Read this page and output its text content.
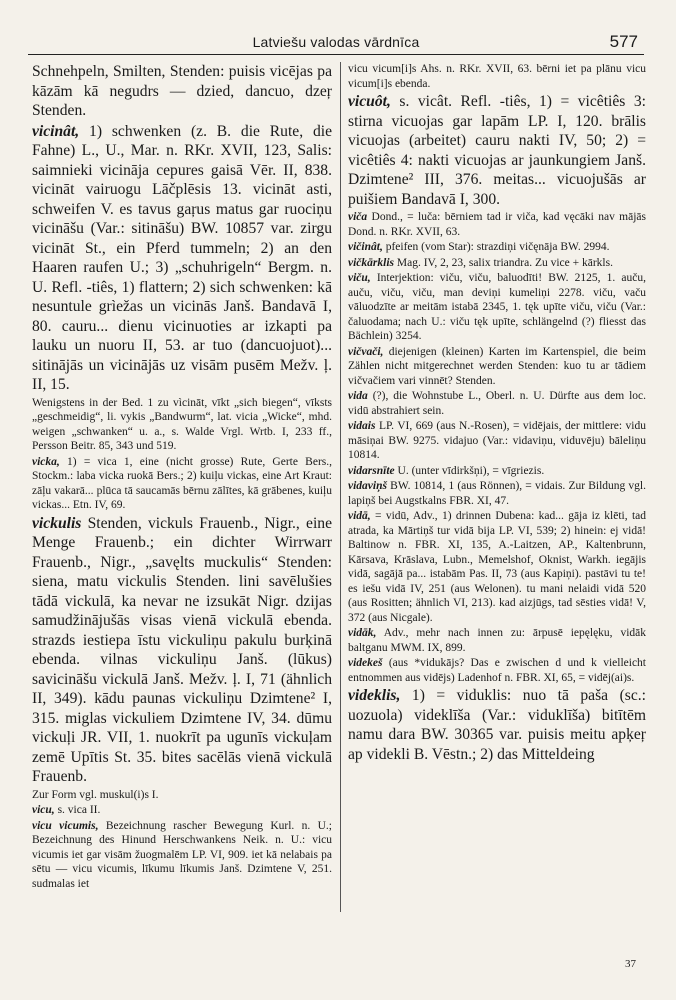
Latviešu valodas vārdnīca	577

Schnehpeln, Smilten, Stenden: puisis vicējas pa kāzām kā negudrs — dzied, dancuo, dzeŗ Stenden.

vicinât, 1) schwenken (z. B. die Rute, die Fahne) L., U., Mar. n. RKr. XVII, 123, Salis: saimnieki vicināja cepures gaisā Vēr. II, 838. vicināt vairuogu Lāčplēsis 13. vicināt asti, schweifen V. es tavus gaŗus matus gar ruociņu vicināšu (Var.: sitināšu) BW. 10857 var. zirgu vicināt St., ein Pferd tummeln; 2) an den Haaren raufen U.; 3) „schuhrigeln“ Bergm. n. U. Refl. -tiês, 1) flattern; 2) sich schwenken: kā nesuntule grìežas un vicinās Janš. Bandavā I, 80. cauru... dienu vicinuoties ar izkapti pa lauku un nuoru II, 53. ar tuo (dancuojuot)... sitinājās un vicinājās uz visām pusēm Mežv. ļ. II, 15.

Wenigstens in der Bed. 1 zu vìcināt, vīkt „sich biegen“, vīksts „geschmeidig“, li. vykis „Bandwurm“, lat. vicia „Wicke“, mhd. weigen „schwanken“ u. a., s. Walde Vrgl. Wrtb. I, 233 ff., Persson Beitr. 85, 343 und 519.

vicka, 1) = vica 1, eine (nicht grosse) Rute, Gerte Bers., Stockm.: laba vicka ruokā Bers.; 2) kuiļu vickas, eine Art Kraut: zāļu vakarā... plūca tā saucamās bērnu zālītes, kā grābenes, kuiļu vickas... Etn. IV, 69.

vickulis Stenden, vickuls Frauenb., Nigr., eine Menge Frauenb.; ein dichter Wirrwarr Frauenb., Nigr., „savęlts muckulis“ Stenden: siena, matu vickulis Stenden. lini savēlušies tādā vickulā, ka nevar ne izsukāt Nigr. dzijas samudžinājušās visas vienā vickulā ebenda. strazds iestiepa īstu vickuliņu pakulu burķinā ebenda. vilnas vickuliņu Janš. (lūkus) savicināšu vickulā Janš. Mežv. ļ. I, 71 (ähnlich II, 349). kādu paunas vickuliņu Dzimtene² I, 315. miglas vickuliem Dzimtene IV, 34. dūmu vickuļi JR. VII, 1. nuokrīt pa ugunīs vickuļam zemē Upītis St. 35. bites sacēlās vienā vickulā Frauenb.

Zur Form vgl. muskul(i)s I.

vicu, s. vica II.

vicu vicumis, Bezeichnung rascher Bewegung Kurl. n. U.; Bezeichnung des Hinund Herschwankens Neik. n. U.: vicu vicumis iet gar visām žuogmalēm LP. VI, 909. iet kā nelabais pa sētu — vicu vicumis, līkumu līkumis Janš. Dzimtene V, 251. sudmalas iet

vicu vicum[i]s Ahs. n. RKr. XVII, 63. bērni iet pa plānu vicu vicum[i]s ebenda.

vicuôt, s. vicât. Refl. -tiês, 1) = vicêtiês 3: stirna vicuojas gar lapām LP. I, 120. brālis vicuojas (arbeitet) cauru nakti IV, 50; 2) = vicêtiês 4: nakti vicuojas ar jaunkungiem Janš. Dzimtene² III, 376. meitas... vicuojušās ar puišiem Bandavā I, 300.

viča Dond., = luča: bērniem tad ir viča, kad vęcāki nav mājās Dond. n. RKr. XVII, 63.

vičinât, pfeifen (vom Star): strazdiņi vičęnāja BW. 2994.

vičkārklis Mag. IV, 2, 23, salix triandra. Zu vice + kārkls.

viču, Interjektion: viču, viču, baluodīti! BW. 2125, 1. auču, auču, viču, viču, man deviņi kumeliņi 2278. viču, vaču vāluodzīte ar meitām istabā 2345, 1. tęk upīte viču, viču (Var.: čaluodama; nach U.: viču tęk upīte, schlängelnd (?) fliesst das Bächlein) 3254.

vičvači, diejenigen (kleinen) Karten im Kartenspiel, die beim Zählen nicht mitgerechnet werden Stenden: kuo tu ar tādiem vičvačiem vari vinnēt? Stenden.

vida (?), die Wohnstube L., Oberl. n. U. Dürfte aus dem loc. vidū abstrahiert sein.

vidais LP. VI, 669 (aus N.-Rosen), = vidējais, der mittlere: vidu māsiņai BW. 9275. vidajuo (Var.: vidaviņu, viduvēju) bāleliņu 10814.

vidarsnīte U. (unter vīdirkšņi), = vīgriezis.

vidaviņš BW. 10814, 1 (aus Rönnen), = vidais. Zur Bildung vgl. lapiņš bei Augstkalns FBR. XI, 47.

vidā, = vidū, Adv., 1) drinnen Dubena: kad... gāja iz klēti, tad atrada, ka Mārtiņš tur vidā bija LP. VI, 539; 2) hinein: ej vidā! Baltinow n. FBR. XI, 135, A.-Laitzen, AP., Kaltenbrunn, Kārsava, Krāslava, Lubn., Memelshof, Oknist, Warkh. iegājis vidā, sagājā pa... istabām Pas. II, 73 (aus Kapiņi). pastāvi tu te! es iešu vidā IV, 251 (aus Welonen). tu mani nelaidi vidā 520 (aus Rositten; ähnlich VI, 213). kad aizjūgs, tad sēsties vidā! V, 372 (aus Nicgale).

vidāk, Adv., mehr nach innen zu: ārpusē iepęlęku, vidāk baltganu MWM. IX, 899.

videkeš (aus *vidukājs? Das e zwischen d und k vielleicht entnommen aus vidējs) Ladenhof n. FBR. XI, 65, = vidēj(ai)s.

videklis, 1) = viduklis: nuo tā paša (sc.: uozuola) videklīša (Var.: viduklīša) bitītēm namu dara BW. 30365 var. puisis meitu apķeŗ ap videkli B. Vēstn.; 2) das Mitteldeing

37
